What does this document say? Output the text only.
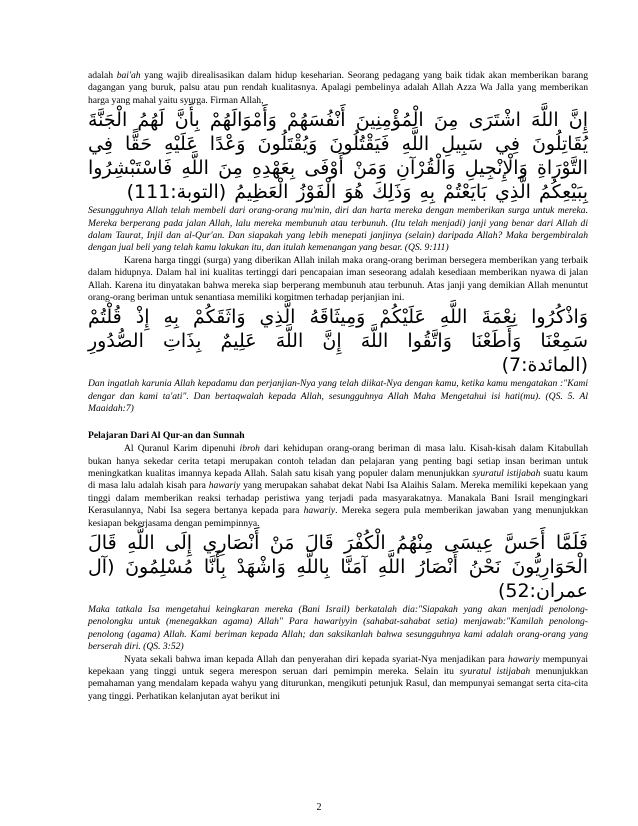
adalah bai'ah yang wajib direalisasikan dalam hidup keseharian. Seorang pedagang yang baik tidak akan memberikan barang dagangan yang buruk, palsu atau pun rendah kualitasnya. Apalagi pembelinya adalah Allah Azza Wa Jalla yang memberikan harga yang mahal yaitu syurga. Firman Allah,

إِنَّ اللَّهَ اشْتَرَى مِنَ الْمُؤْمِنِينَ أَنْفُسَهُمْ وَأَمْوَالَهُمْ بِأَنَّ لَهُمُ الْجَنَّةَ يُقَاتِلُونَ فِي سَبِيلِ اللَّهِ فَيَقْتُلُونَ وَيُقْتَلُونَ وَعْدًا عَلَيْهِ حَقًّا فِي التَّوْرَاةِ وَالْإِنْجِيلِ وَالْقُرْآنِ وَمَنْ أَوْفَى بِعَهْدِهِ مِنَ اللَّهِ فَاسْتَبْشِرُوا بِبَيْعِكُمُ الَّذِي بَايَعْتُمْ بِهِ وَذَلِكَ هُوَ الْفَوْزُ الْعَظِيمُ (التوبة:111)

Sesungguhnya Allah telah membeli dari orang-orang mu'min, diri dan harta mereka dengan memberikan surga untuk mereka. Mereka berperang pada jalan Allah, lalu mereka membunuh atau terbunuh. (Itu telah menjadi) janji yang benar dari Allah di dalam Taurat, Injil dan al-Qur'an. Dan siapakah yang lebih menepati janjinya (selain) daripada Allah? Maka bergembiralah dengan jual beli yang telah kamu lakukan itu, dan itulah kemenangan yang besar. (QS. 9:111)

Karena harga tinggi (surga) yang diberikan Allah inilah maka orang-orang beriman bersegera memberikan yang terbaik dalam hidupnya. Dalam hal ini kualitas tertinggi dari pencapaian iman seseorang adalah kesediaan memberikan nyawa di jalan Allah. Karena itu dinyatakan bahwa mereka siap berperang membunuh atau terbunuh. Atas janji yang demikian Allah menuntut orang-orang beriman untuk senantiasa memiliki komitmen terhadap perjanjian ini.

وَاذْكُرُوا نِعْمَةَ اللَّهِ عَلَيْكُمْ وَمِيثَاقَهُ الَّذِي وَاثَقَكُمْ بِهِ إِذْ قُلْتُمْ سَمِعْنَا وَأَطَعْنَا وَاتَّقُوا اللَّهَ إِنَّ اللَّهَ عَلِيمٌ بِذَاتِ الصُّدُورِ (المائدة:7)

Dan ingatlah karunia Allah kepadamu dan perjanjian-Nya yang telah diikat-Nya dengan kamu, ketika kamu mengatakan :"Kami dengar dan kami ta'ati". Dan bertaqwalah kepada Allah, sesungguhnya Allah Maha Mengetahui isi hati(mu). (QS. 5. Al Maaidah:7)

Pelajaran Dari Al Qur-an dan Sunnah

Al Quranul Karim dipenuhi ibroh dari kehidupan orang-orang beriman di masa lalu. Kisah-kisah dalam Kitabullah bukan hanya sekedar cerita tetapi merupakan contoh teladan dan pelajaran yang penting bagi setiap insan beriman untuk meningkatkan kualitas imannya kepada Allah. Salah satu kisah yang populer dalam menunjukkan syuratul istijabah suatu kaum di masa lalu adalah kisah para hawariy yang merupakan sahabat dekat Nabi Isa Alaihis Salam. Mereka memiliki kepekaan yang tinggi dalam memberikan reaksi terhadap peristiwa yang terjadi pada masyarakatnya. Manakala Bani Israil mengingkari Kerasulannya, Nabi Isa segera bertanya kepada para hawariy. Mereka segera pula memberikan jawaban yang menunjukkan kesiapan bekerjasama dengan pemimpinnya.

فَلَمَّا أَحَسَّ عِيسَى مِنْهُمُ الْكُفْرَ قَالَ مَنْ أَنْصَارِي إِلَى اللَّهِ قَالَ الْحَوَارِيُّونَ نَحْنُ أَنْصَارُ اللَّهِ آمَنَّا بِاللَّهِ وَاشْهَدْ بِأَنَّا مُسْلِمُونَ (آل عمران:52)

Maka tatkala Isa mengetahui keingkaran mereka (Bani Israil) berkatalah dia:"Siapakah yang akan menjadi penolong-penolongku untuk (menegakkan agama) Allah" Para hawariyyin (sahabat-sahabat setia) menjawab:"Kamilah penolong-penolong (agama) Allah. Kami beriman kepada Allah; dan saksikanlah bahwa sesungguhnya kami adalah orang-orang yang berserah diri. (QS. 3:52)

Nyata sekali bahwa iman kepada Allah dan penyerahan diri kepada syariat-Nya menjadikan para hawariy mempunyai kepekaan yang tinggi untuk segera merespon seruan dari pemimpin mereka. Selain itu syuratul istijabah menunjukkan pemahaman yang mendalam kepada wahyu yang diturunkan, mengikuti petunjuk Rasul, dan mempunyai semangat serta cita-cita yang tinggi. Perhatikan kelanjutan ayat berikut ini

2
